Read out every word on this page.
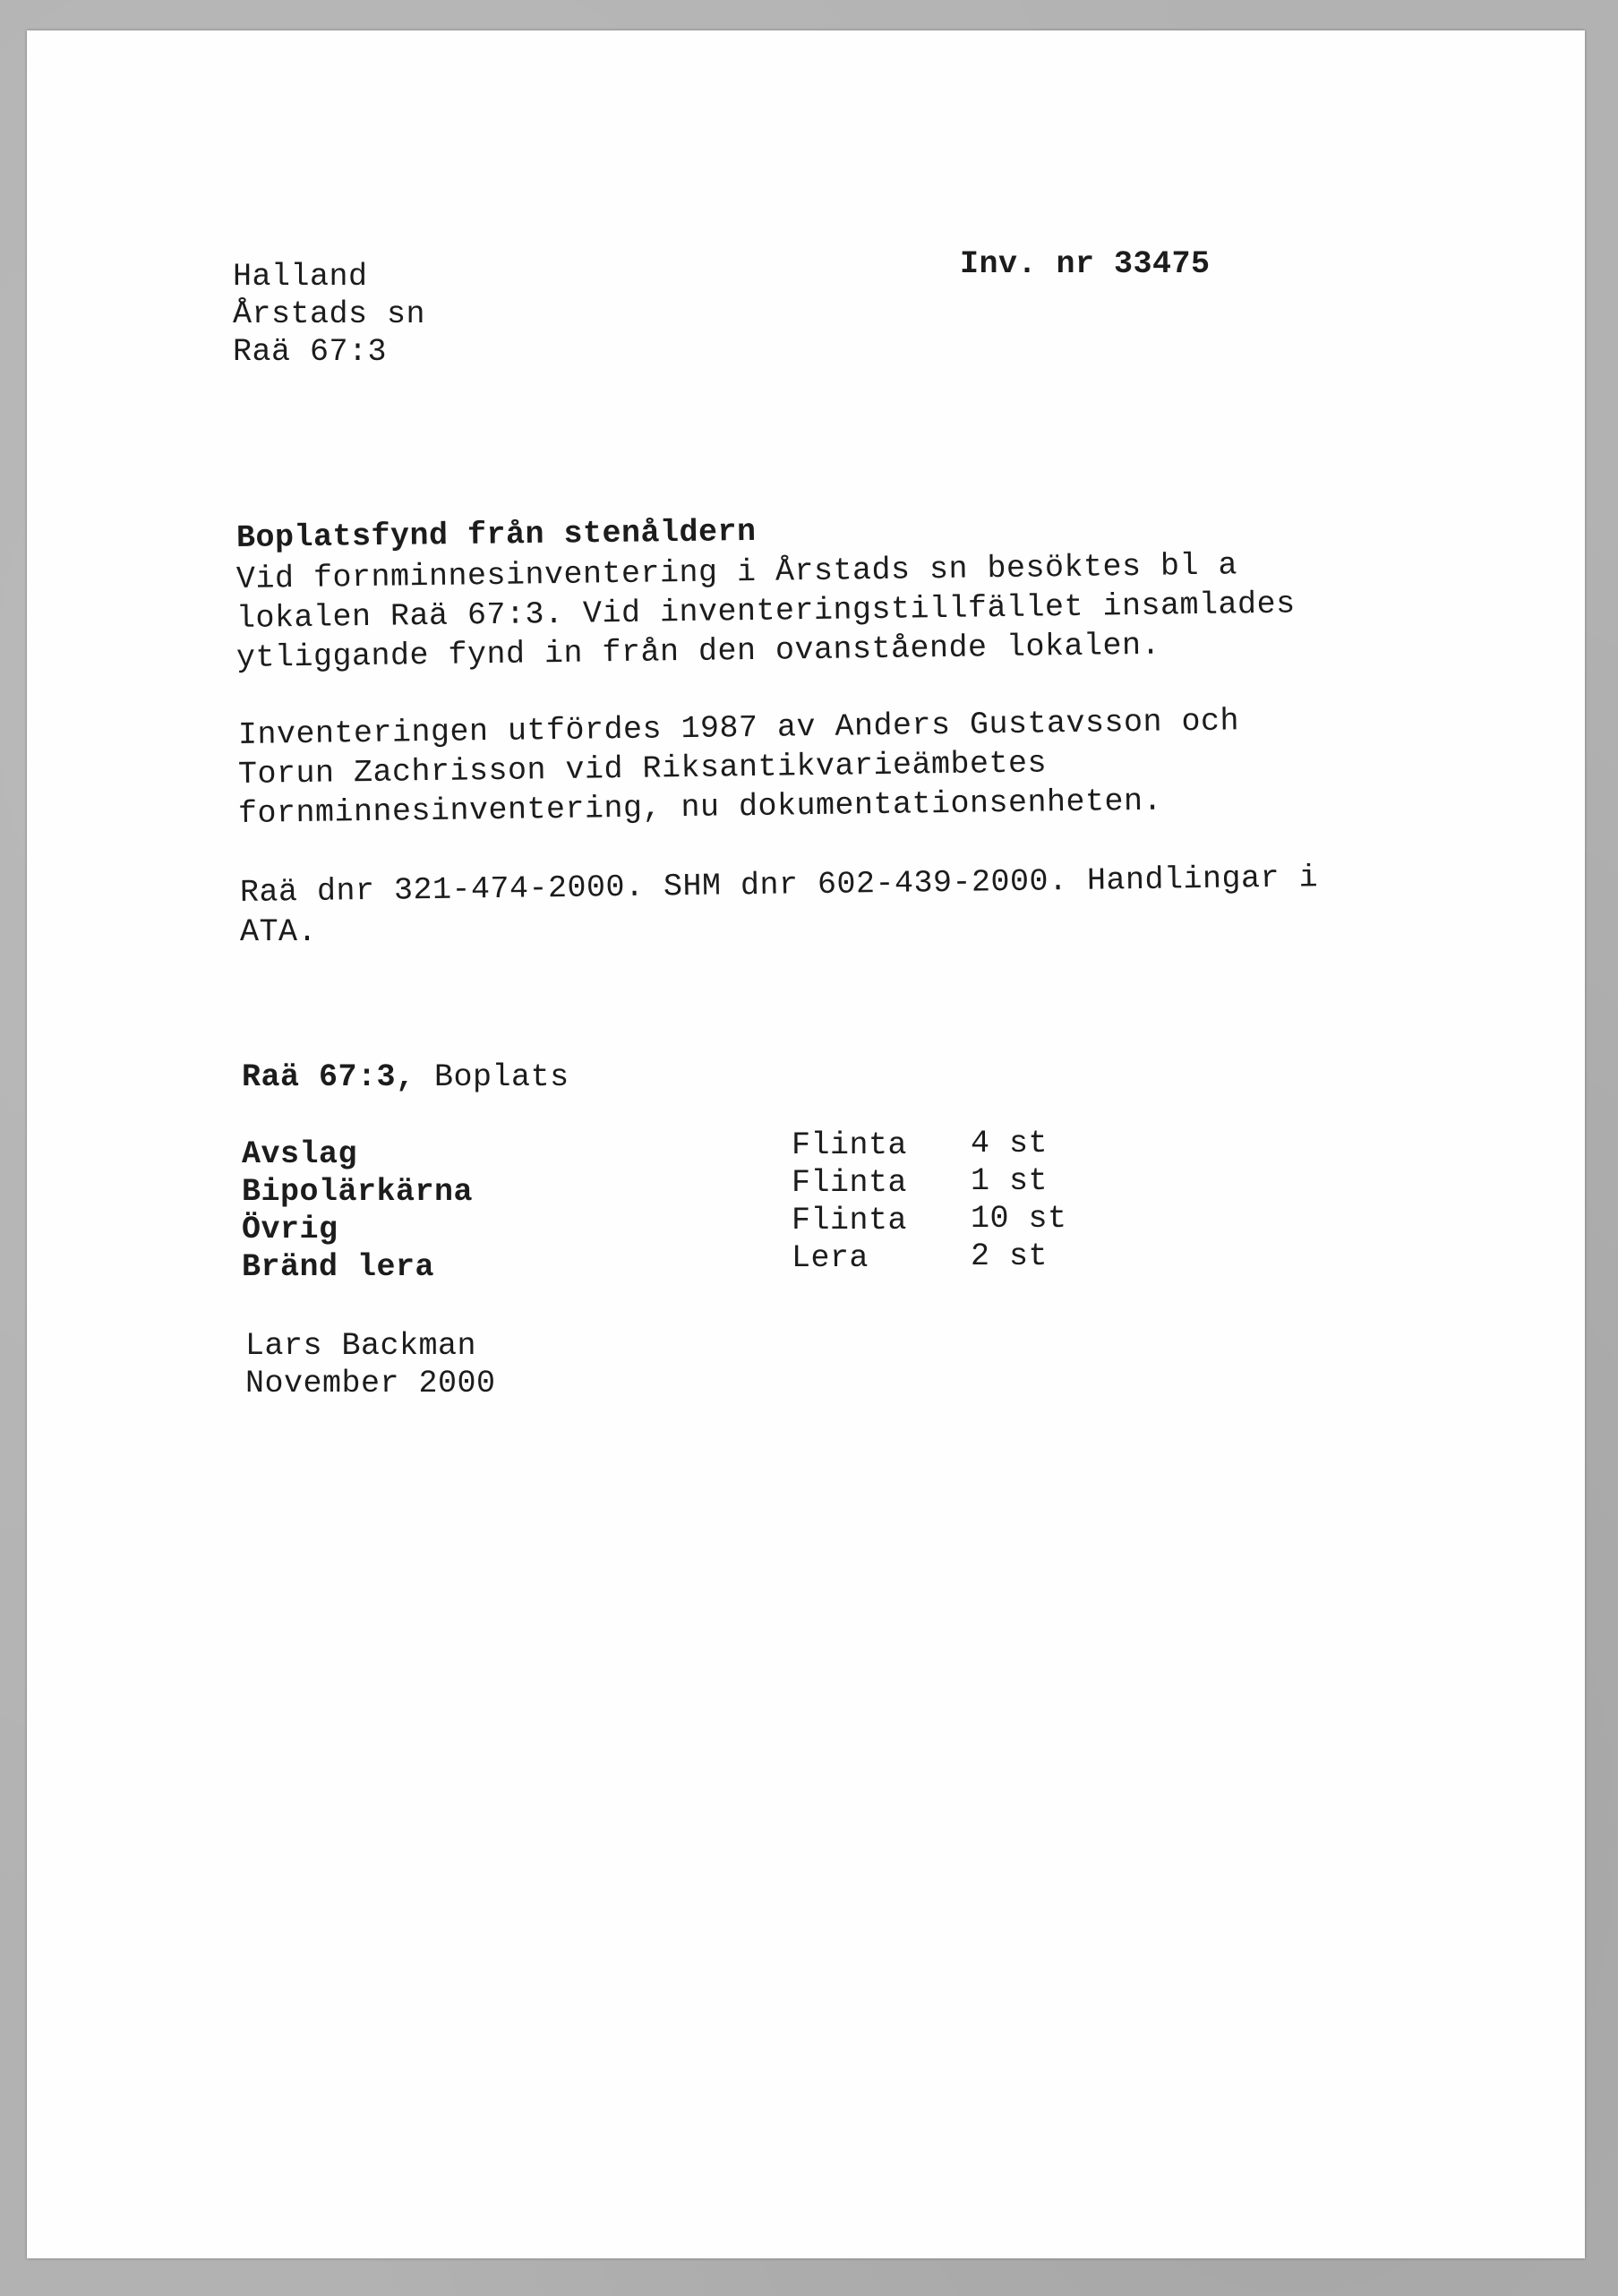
Halland
Årstads sn
Raä 67:3
Inv. nr 33475
Boplatsfynd från stenåldern
Vid fornminnesinventering i Årstads sn besöktes bl a
lokalen Raä 67:3. Vid inventeringstillfället insamlades
ytliggande fynd in från den ovanstående lokalen.
Inventeringen utfördes 1987 av Anders Gustavsson och
Torun Zachrisson vid Riksantikvarieämbetes
fornminnesinventering, nu dokumentationsenheten.
Raä dnr 321-474-2000. SHM dnr 602-439-2000. Handlingar i
ATA.
Raä 67:3, Boplats
Avslag	Flinta 4 st
Bipolärkärna	Flinta 1 st
Övrig	Flinta 10 st
Bränd lera	Lera	2 st
Lars Backman
November 2000
